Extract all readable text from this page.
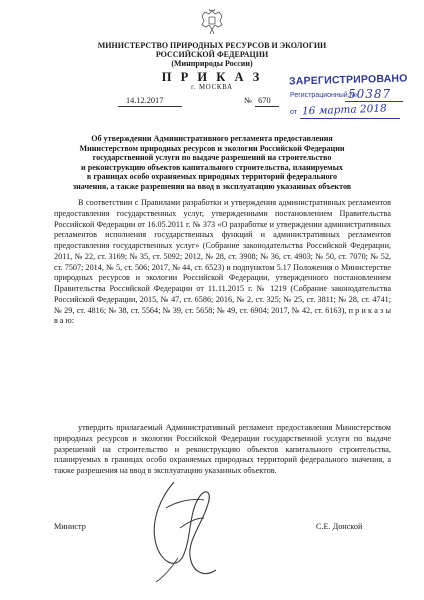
МИНИСТЕРСТВО ПРИРОДНЫХ РЕСУРСОВ И ЭКОЛОГИИ
РОССИЙСКОЙ ФЕДЕРАЦИИ
(Минприроды России)
П Р И К А З
г. МОСКВА
14.12.2017	№ 670
ЗАРЕГИСТРИРОВАНО
Регистрационный №
50387
от 16 марта 2018
Об утверждении Административного регламента предоставления
Министерством природных ресурсов и экологии Российской Федерации
государственной услуги по выдаче разрешений на строительство
и реконструкцию объектов капитального строительства, планируемых
в границах особо охраняемых природных территорий федерального
значения, а также разрешения на ввод в эксплуатацию указанных объектов
В соответствии с Правилами разработки и утверждения административных регламентов предоставления государственных услуг, утвержденными постановлением Правительства Российской Федерации от 16.05.2011 г. № 373 «О разработке и утверждении административных регламентов исполнения государственных функций и административных регламентов предоставления государственных услуг» (Собрание законодательства Российской Федерации, 2011, № 22, ст. 3169; № 35, ст. 5092; 2012, № 28, ст. 3908; № 36, ст. 4903; № 50, ст. 7070; № 52, ст. 7507; 2014, № 5, ст. 506; 2017, № 44, ст. 6523) и подпунктом 5.17 Положения о Министерстве природных ресурсов и экологии Российской Федерации, утвержденного постановлением Правительства Российской Федерации от 11.11.2015 г. № 1219 (Собрание законодательства Российской Федерации, 2015, № 47, ст. 6586; 2016, № 2, ст. 325; № 25, ст. 3811; № 28, ст. 4741; № 29, ст. 4816; № 38, ст. 5564; № 39, ст. 5658; № 49, ст. 6904; 2017, № 42, ст. 6163), п р и к а з ы в а ю:
утвердить прилагаемый Административный регламент предоставления Министерством природных ресурсов и экологии Российской Федерации государственной услуги по выдаче разрешений на строительство и реконструкцию объектов капитального строительства, планируемых в границах особо охраняемых природных территорий федерального значения, а также разрешения на ввод в эксплуатацию указанных объектов.
Министр	С.Е. Донской
